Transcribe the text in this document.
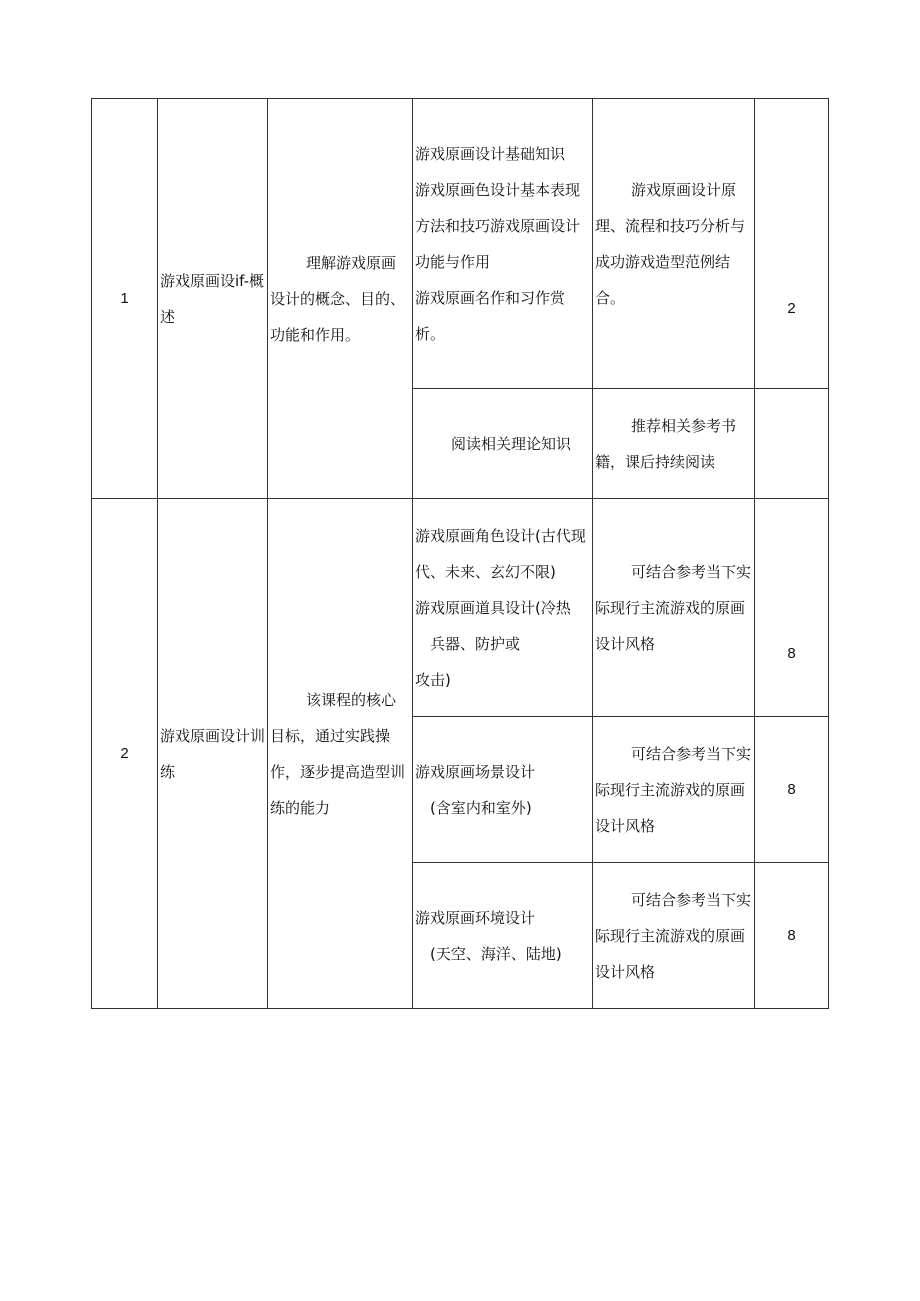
1	游戏原画设if-概述	理解游戏原画设计的概念、目的、功能和作用。	游戏原画设计基础知识
游戏原画色设计基本表现方法和技巧游戏原画设计功能与作用
游戏原画名作和习作赏析。	游戏原画设计原理、流程和技巧分析与成功游戏造型范例结合。	2
			阅读相关理论知识	推荐相关参考书籍，课后持续阅读	
2	游戏原画设计训练	该课程的核心目标，通过实践操作，逐步提高造型训练的能力	游戏原画角色设计(古代现代、未来、玄幻不限)
游戏原画道具设计(冷热
兵器、防护或
攻击)	可结合参考当下实际现行主流游戏的原画设计风格	8

			游戏原画场景设计
(含室内和室外)	可结合参考当下实际现行主流游戏的原画设计风格	8

			游戏原画环境设计
(天空、海洋、陆地)	可结合参考当下实际现行主流游戏的原画设计风格	8
